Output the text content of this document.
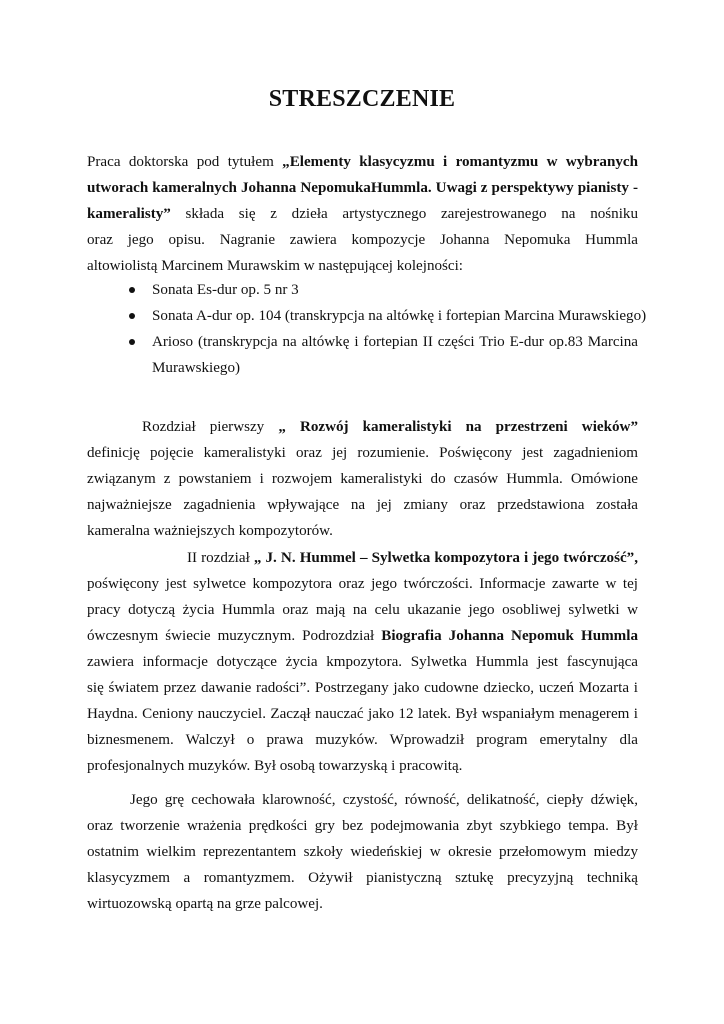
STRESZCZENIE
Praca doktorska pod tytułem „Elementy klasycyzmu i romantyzmu w wybranych
utworach kameralnych Johanna NepomukaHummla. Uwagi z perspektywy pianisty -
kameralisty” składa się z dzieła artystycznego zarejestrowanego na nośniku
oraz jego opisu. Nagranie zawiera kompozycje Johanna Nepomuka Hummla
altowiolistą Marcinem Murawskim w następującej kolejności:
Sonata Es-dur op. 5 nr 3
Sonata A-dur op. 104 (transkrypcja na altówkę i fortepian Marcina Murawskiego)
Arioso (transkrypcja na altówkę i fortepian II części Trio E-dur op.83 Marcina
Murawskiego)
Rozdział pierwszy „ Rozwój kameralistyki na przestrzeni wieków”
definicję pojęcie kameralistyki oraz jej rozumienie. Poświęcony jest zagadnieniom
związanym z powstaniem i rozwojem kameralistyki do czasów Hummla. Omówione
najważniejsze zagadnienia wpływające na jej zmiany oraz przedstawiona została
kameralna ważniejszych kompozytorów.
II rozdział „ J. N. Hummel – Sylwetka kompozytora i jego twórczość”,
poświęcony jest sylwetce kompozytora oraz jego twórczości. Informacje zawarte w tej
pracy dotyczą życia Hummla oraz mają na celu ukazanie jego osobliwej sylwetki w
ówczesnym świecie muzycznym. Podrozdział Biografia Johanna Nepomuk Hummla
zawiera informacje dotyczące życia kmpozytora. Sylwetka Hummla jest fascynująca
się światem przez dawanie radości”. Postrzegany jako cudowne dziecko, uczeń Mozarta i
Haydna. Ceniony nauczyciel. Zaczął nauczać jako 12 latek. Był wspaniałym menagerem i
biznesmenem. Walczył o prawa muzyków. Wprowadził program emerytalny dla
profesjonalnych muzyków. Był osobą towarzyską i pracowitą.
Jego grę cechowała klarowność, czystość, równość, delikatność, ciepły dźwięk,
oraz tworzenie wrażenia prędkości gry bez podejmowania zbyt szybkiego tempa. Był
ostatnim wielkim reprezentantem szkoły wiedeńskiej w okresie przełomowym miedzy
klasycyzmem a romantyzmem. Ożywił pianistyczną sztukę precyzyjną techniką
wirtuozowską opartą na grze palcowej.
